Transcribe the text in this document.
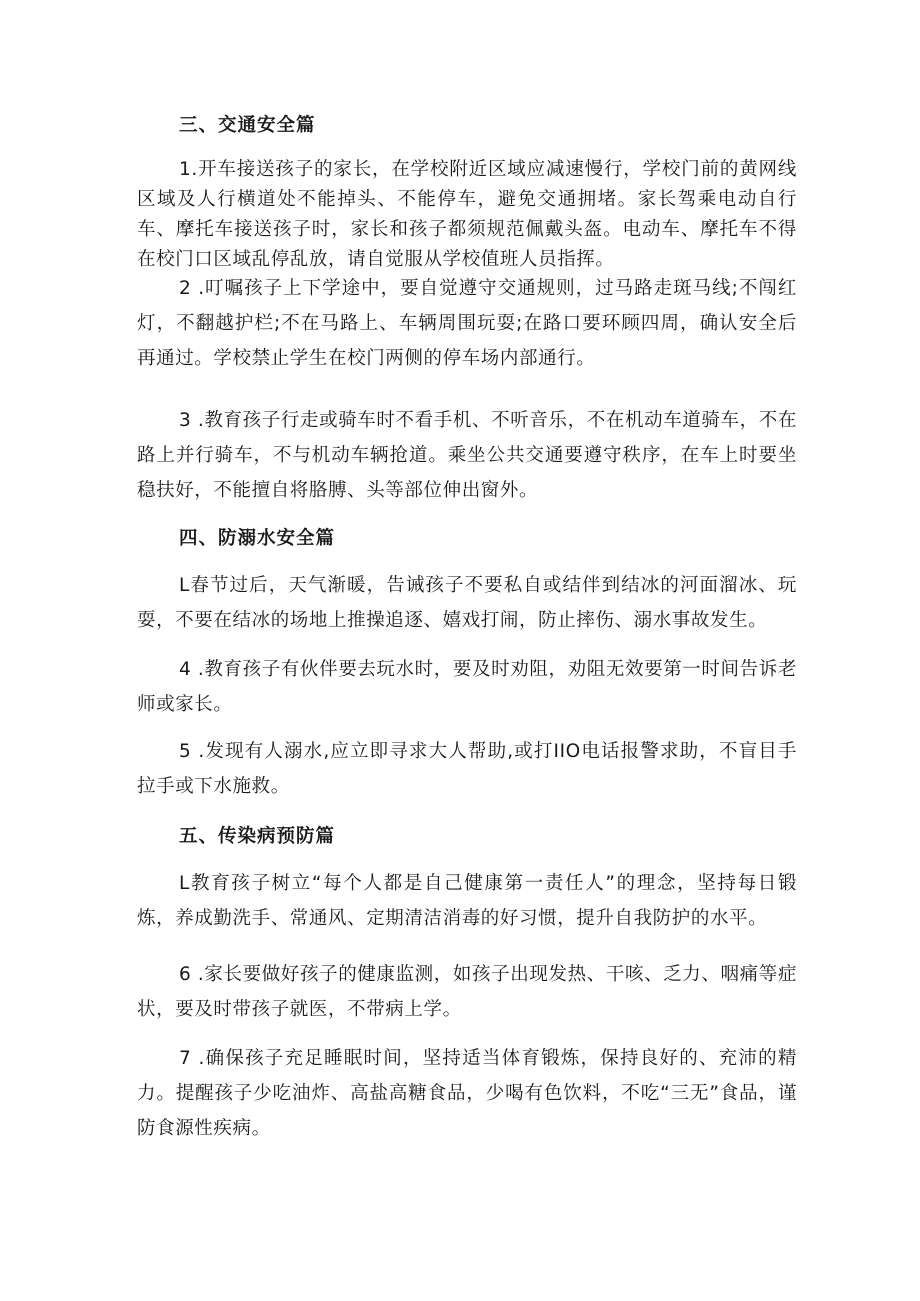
三、交通安全篇

1.开车接送孩子的家长，在学校附近区域应减速慢行，学校门前的黄网线区域及人行横道处不能掉头、不能停车，避免交通拥堵。家长驾乘电动自行车、摩托车接送孩子时，家长和孩子都须规范佩戴头盔。电动车、摩托车不得在校门口区域乱停乱放，请自觉服从学校值班人员指挥。

2 .叮嘱孩子上下学途中，要自觉遵守交通规则，过马路走斑马线;不闯红灯，不翻越护栏;不在马路上、车辆周围玩耍;在路口要环顾四周，确认安全后再通过。学校禁止学生在校门两侧的停车场内部通行。

3 .教育孩子行走或骑车时不看手机、不听音乐，不在机动车道骑车，不在路上并行骑车，不与机动车辆抢道。乘坐公共交通要遵守秩序，在车上时要坐稳扶好，不能擅自将胳膊、头等部位伸出窗外。

四、防溺水安全篇

L春节过后，天气渐暖，告诫孩子不要私自或结伴到结冰的河面溜冰、玩耍，不要在结冰的场地上推操追逐、嬉戏打闹，防止摔伤、溺水事故发生。

4 .教育孩子有伙伴要去玩水时，要及时劝阻，劝阻无效要第一时间告诉老师或家长。

5 .发现有人溺水,应立即寻求大人帮助,或打IIO电话报警求助，不盲目手拉手或下水施救。

五、传染病预防篇

L教育孩子树立“每个人都是自己健康第一责任人”的理念，坚持每日锻炼，养成勤洗手、常通风、定期清洁消毒的好习惯，提升自我防护的水平。

6 .家长要做好孩子的健康监测，如孩子出现发热、干咳、乏力、咽痛等症状，要及时带孩子就医，不带病上学。

7 .确保孩子充足睡眠时间，坚持适当体育锻炼，保持良好的、充沛的精力。提醒孩子少吃油炸、高盐高糖食品，少喝有色饮料，不吃“三无”食品，谨防食源性疾病。
